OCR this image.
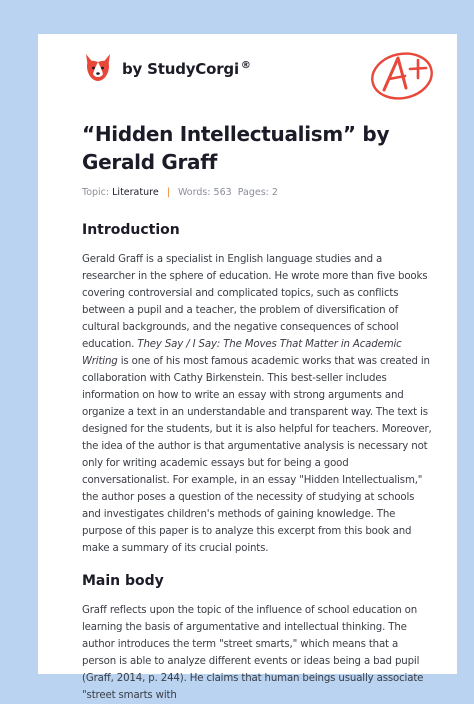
by StudyCorgi ®
“Hidden Intellectualism” by Gerald Graff
Topic: Literature | Words: 563 Pages: 2
Introduction

Gerald Graff is a specialist in English language studies and a researcher in the sphere of education. He wrote more than five books covering controversial and complicated topics, such as conflicts between a pupil and a teacher, the problem of diversification of cultural backgrounds, and the negative consequences of school education. They Say / I Say: The Moves That Matter in Academic Writing is one of his most famous academic works that was created in collaboration with Cathy Birkenstein. This best-seller includes information on how to write an essay with strong arguments and organize a text in an understandable and transparent way. The text is designed for the students, but it is also helpful for teachers. Moreover, the idea of the author is that argumentative analysis is necessary not only for writing academic essays but for being a good conversationalist. For example, in an essay "Hidden Intellectualism," the author poses a question of the necessity of studying at schools and investigates children's methods of gaining knowledge. The purpose of this paper is to analyze this excerpt from this book and make a summary of its crucial points.

Main body

Graff reflects upon the topic of the influence of school education on learning the basis of argumentative and intellectual thinking. The author introduces the term "street smarts," which means that a person is able to analyze different events or ideas being a bad pupil (Graff, 2014, p. 244). He claims that human beings usually associate "street smarts with
